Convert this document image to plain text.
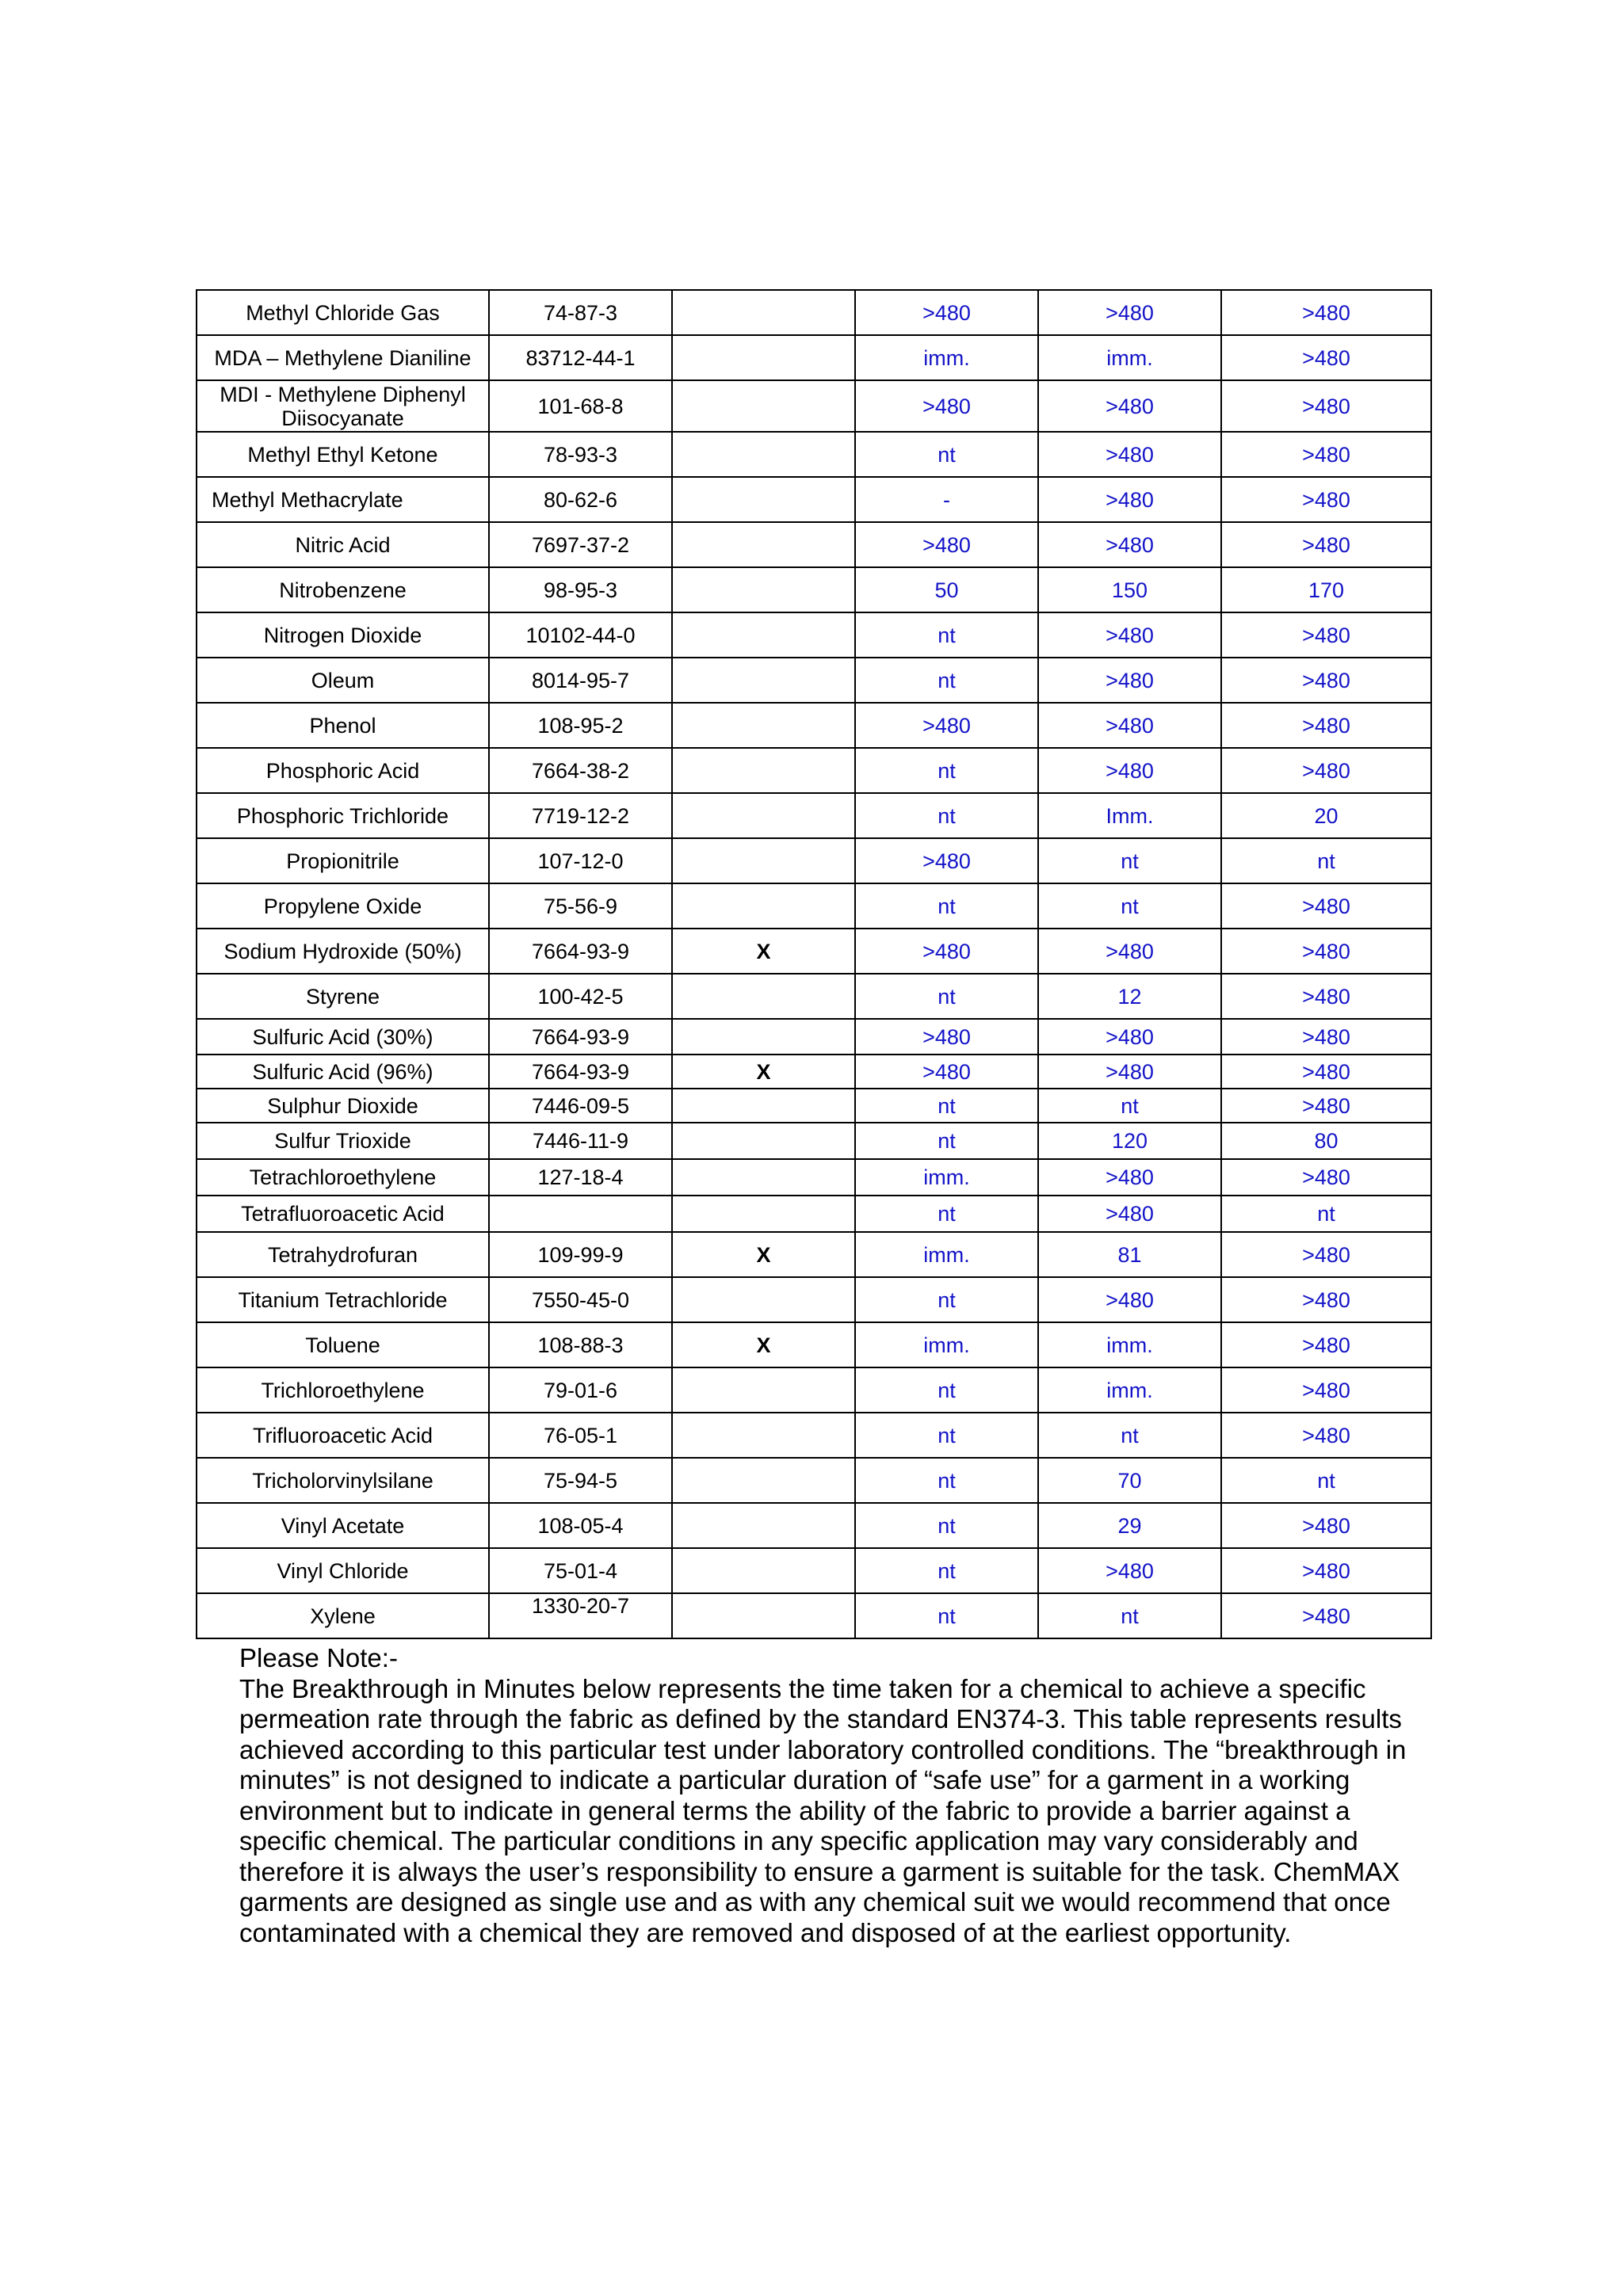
Methyl Chloride Gas	74-87-3		>480	>480	>480
MDA – Methylene Dianiline	83712-44-1		imm.	imm.	>480
MDI - Methylene Diphenyl Diisocyanate	101-68-8		>480	>480	>480
Methyl Ethyl Ketone	78-93-3		nt	>480	>480
Methyl Methacrylate	80-62-6		-	>480	>480
Nitric Acid	7697-37-2		>480	>480	>480
Nitrobenzene	98-95-3		50	150	170
Nitrogen Dioxide	10102-44-0		nt	>480	>480
Oleum	8014-95-7		nt	>480	>480
Phenol	108-95-2		>480	>480	>480
Phosphoric Acid	7664-38-2		nt	>480	>480
Phosphoric Trichloride	7719-12-2		nt	Imm.	20
Propionitrile	107-12-0		>480	nt	nt
Propylene Oxide	75-56-9		nt	nt	>480
Sodium Hydroxide (50%)	7664-93-9	X	>480	>480	>480
Styrene	100-42-5		nt	12	>480
Sulfuric Acid (30%)	7664-93-9		>480	>480	>480
Sulfuric Acid (96%)	7664-93-9	X	>480	>480	>480
Sulphur Dioxide	7446-09-5		nt	nt	>480
Sulfur Trioxide	7446-11-9		nt	120	80
Tetrachloroethylene	127-18-4		imm.	>480	>480
Tetrafluoroacetic Acid			nt	>480	nt
Tetrahydrofuran	109-99-9	X	imm.	81	>480
Titanium Tetrachloride	7550-45-0		nt	>480	>480
Toluene	108-88-3	X	imm.	imm.	>480
Trichloroethylene	79-01-6		nt	imm.	>480
Trifluoroacetic Acid	76-05-1		nt	nt	>480
Tricholorvinylsilane	75-94-5		nt	70	nt
Vinyl Acetate	108-05-4		nt	29	>480
Vinyl Chloride	75-01-4		nt	>480	>480
Xylene	1330-20-7		nt	nt	>480

Please Note:-

The Breakthrough in Minutes below represents the time taken for a chemical to achieve a specific permeation rate through the fabric as defined by the standard EN374-3. This table represents results achieved according to this particular test under laboratory controlled conditions. The “breakthrough in minutes” is not designed to indicate a particular duration of “safe use” for a garment in a working environment but to indicate in general terms the ability of the fabric to provide a barrier against a specific chemical. The particular conditions in any specific application may vary considerably and therefore it is always the user’s responsibility to ensure a garment is suitable for the task. ChemMAX garments are designed as single use and as with any chemical suit we would recommend that once contaminated with a chemical they are removed and disposed of at the earliest opportunity.
